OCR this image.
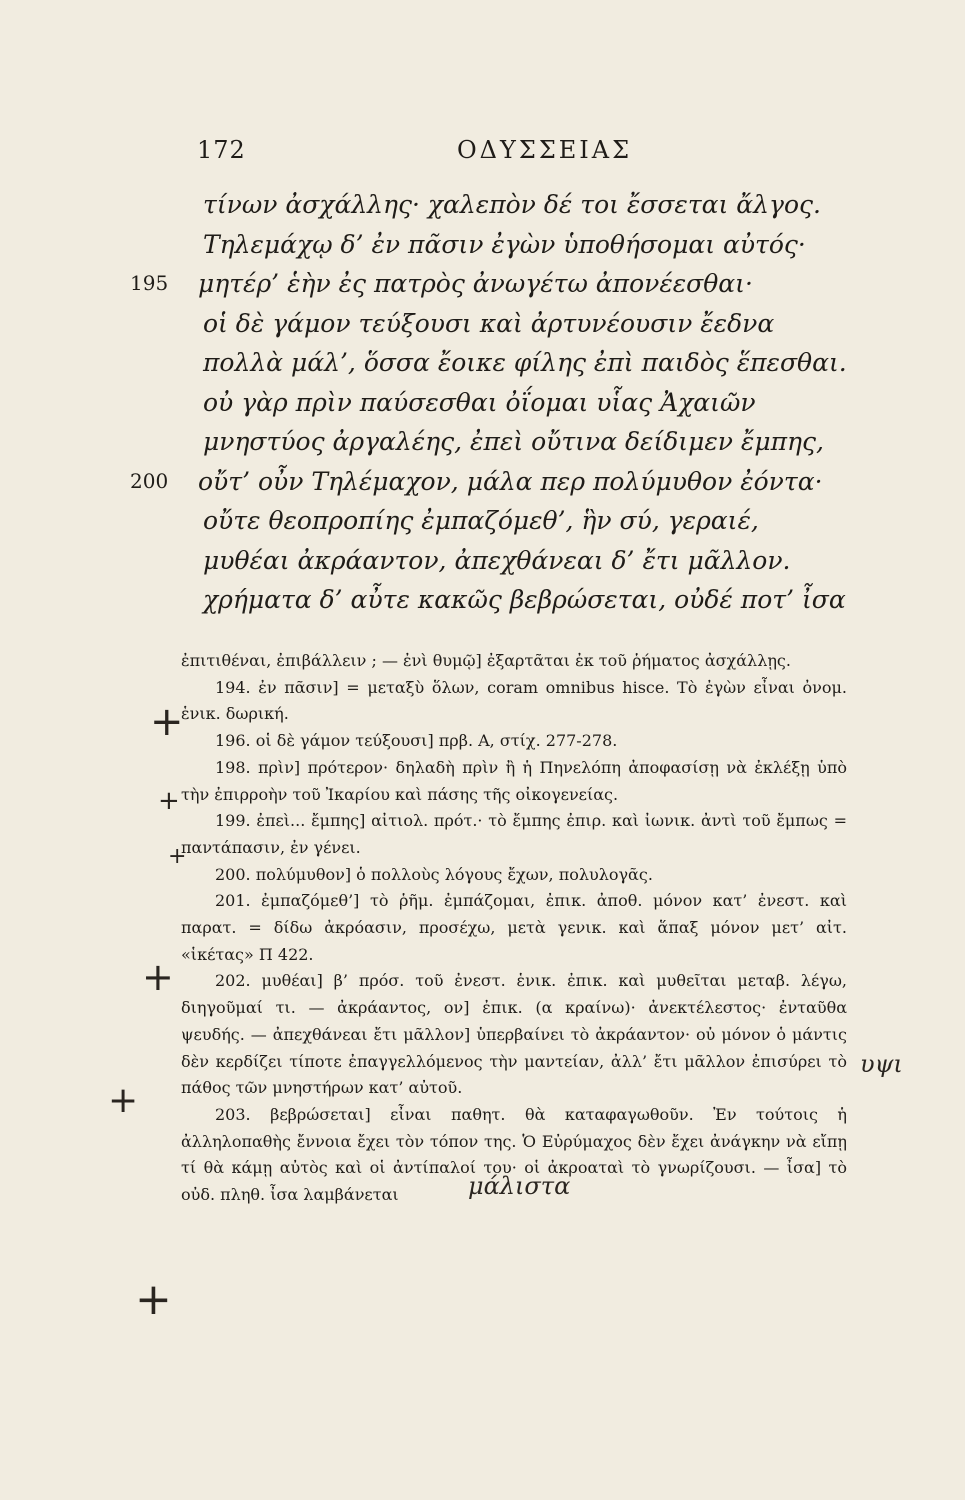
172	ΟΔΥΣΣΕΙΑΣ
τίνων ἀσχάλλης· χαλεπὸν δέ τοι ἔσσεται ἄλγος.
Τηλεμάχῳ δ’ ἐν πᾶσιν ἐγὼν ὑποθήσομαι αὐτός·
195 μητέρ’ ἑὴν ἐς πατρὸς ἀνωγέτω ἀπονέεσθαι·
οἱ δὲ γάμον τεύξουσι καὶ ἀρτυνέουσιν ἔεδνα
πολλὰ μάλ’, ὅσσα ἔοικε φίλης ἐπὶ παιδὸς ἕπεσθαι.
οὐ γὰρ πρὶν παύσεσθαι ὀΐομαι υἷας Ἀχαιῶν
μνηστύος ἀργαλέης, ἐπεὶ οὔτινα δείδιμεν ἔμπης,
200 οὔτ’ οὖν Τηλέμαχον, μάλα περ πολύμυθον ἐόντα·
οὔτε θεοπροπίης ἐμπαζόμεθ’, ἣν σύ, γεραιέ,
μυθέαι ἀκράαντον, ἀπεχθάνεαι δ’ ἔτι μᾶλλον.
χρήματα δ’ αὖτε κακῶς βεβρώσεται, οὐδέ ποτ’ ἶσα

ἐπιτιθέναι, ἐπιβάλλειν ; — ἐνὶ θυμῷ] ἐξαρτᾶται ἐκ τοῦ ῥήματος ἀσχάλλῃς.

194. ἐν πᾶσιν] = μεταξὺ ὅλων, coram omnibus hisce. Τὸ ἐγὼν εἶναι ὀνομ. ἑνικ. δωρική.

196. οἱ δὲ γάμον τεύξουσι] πρβ. Α, στίχ. 277-278.

198. πρὶν] πρότερον· δηλαδὴ πρὶν ἢ ἡ Πηνελόπη ἀποφασίσῃ νὰ ἐκλέξῃ ὑπὸ τὴν ἐπιρροὴν τοῦ Ἰκαρίου καὶ πάσης τῆς οἰκογενείας.

199. ἐπεὶ... ἔμπης] αἰτιολ. πρότ.· τὸ ἔμπης ἐπιρ. καὶ ἰωνικ. ἀντὶ τοῦ ἔμπως = παντάπασιν, ἐν γένει.

200. πολύμυθον] ὁ πολλοὺς λόγους ἔχων, πολυλογᾶς.

201. ἐμπαζόμεθ’] τὸ ῥῆμ. ἐμπάζομαι, ἐπικ. ἀποθ. μόνον κατ’ ἐνεστ. καὶ παρατ. = δίδω ἀκρόασιν, προσέχω, μετὰ γενικ. καὶ ἅπαξ μόνον μετ’ αἰτ. «ἱκέτας» Π 422.

202. μυθέαι] β’ πρόσ. τοῦ ἐνεστ. ἑνικ. ἐπικ. καὶ μυθεῖται μεταβ. λέγω, διηγοῦμαί τι. — ἀκράαντος, ον] ἐπικ. (α κραίνω)· ἀνεκτέλεστος· ἐνταῦθα ψευδής. — ἀπεχθάνεαι ἔτι μᾶλλον] ὑπερβαίνει τὸ ἀκράαντον· οὐ μόνον ὁ μάντις δὲν κερδίζει τίποτε ἐπαγγελλόμενος τὴν μαντείαν, ἀλλ’ ἔτι μᾶλλον ἐπισύρει τὸ πάθος τῶν μνηστήρων κατ’ αὐτοῦ.

203. βεβρώσεται] εἶναι παθητ. θὰ καταφαγωθοῦν. Ἐν τούτοις ἡ ἀλληλοπαθὴς ἔννοια ἔχει τὸν τόπον της. Ὁ Εὐρύμαχος δὲν ἔχει ἀνάγκην νὰ εἴπῃ τί θὰ κάμῃ αὐτὸς καὶ οἱ ἀντίπαλοί του· οἱ ἀκροαταὶ τὸ γνωρίζουσι. — ἶσα] τὸ οὐδ. πληθ. ἶσα λαμβάνεται

+
+
+
+
+
+
υψι
μάλιστα
